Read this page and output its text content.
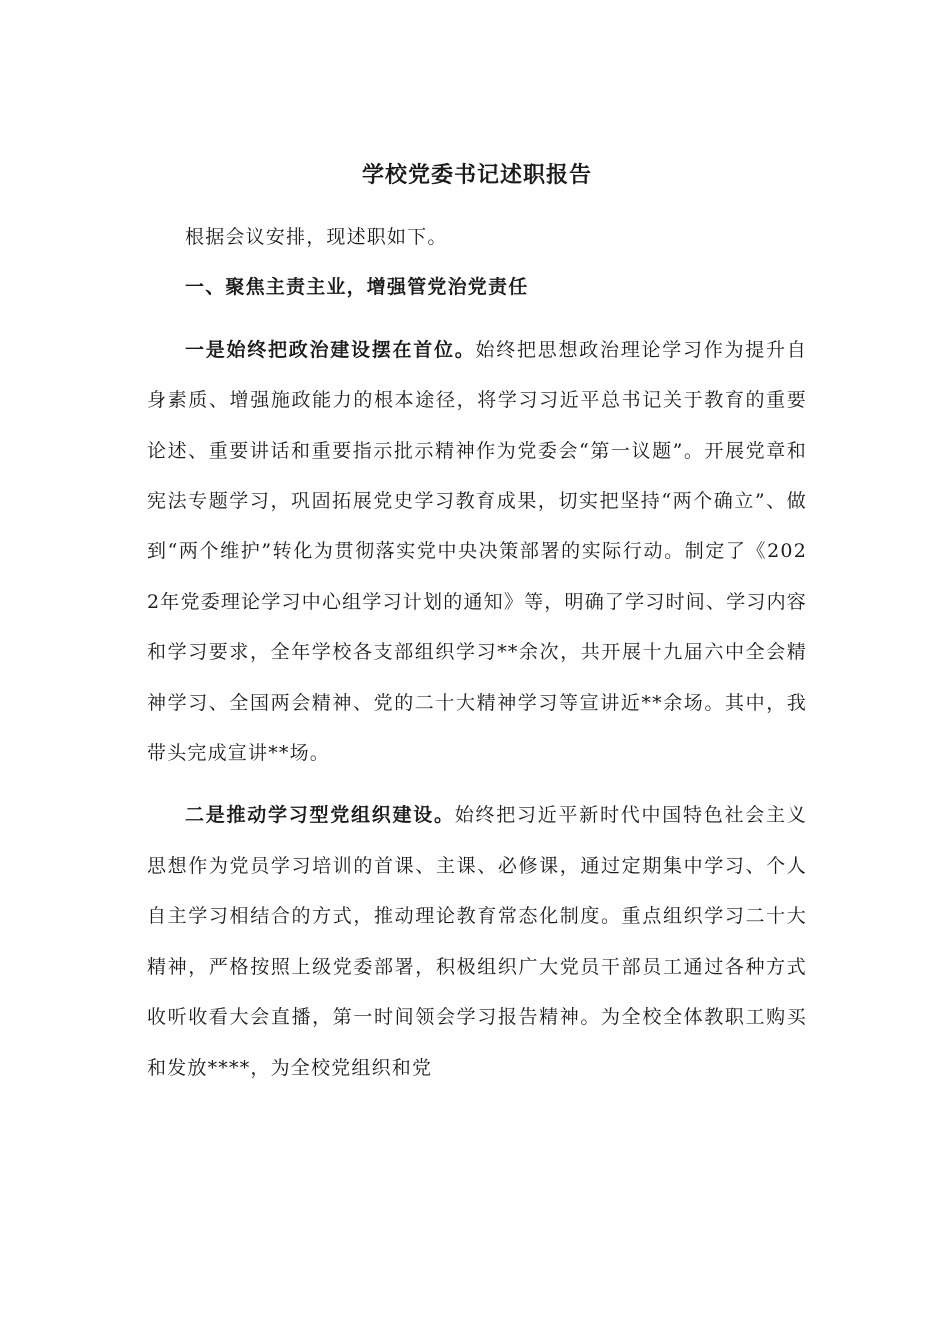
学校党委书记述职报告

根据会议安排，现述职如下。

一、聚焦主责主业，增强管党治党责任

一是始终把政治建设摆在首位。始终把思想政治理论学习作为提升自身素质、增强施政能力的根本途径，将学习习近平总书记关于教育的重要论述、重要讲话和重要指示批示精神作为党委会“第一议题”。开展党章和宪法专题学习，巩固拓展党史学习教育成果，切实把坚持“两个确立”、做到“两个维护”转化为贯彻落实党中央决策部署的实际行动。制定了《2022年党委理论学习中心组学习计划的通知》等，明确了学习时间、学习内容和学习要求，全年学校各支部组织学习**余次，共开展十九届六中全会精神学习、全国两会精神、党的二十大精神学习等宣讲近**余场。其中，我带头完成宣讲**场。

二是推动学习型党组织建设。始终把习近平新时代中国特色社会主义思想作为党员学习培训的首课、主课、必修课，通过定期集中学习、个人自主学习相结合的方式，推动理论教育常态化制度。重点组织学习二十大精神，严格按照上级党委部署，积极组织广大党员干部员工通过各种方式收听收看大会直播，第一时间领会学习报告精神。为全校全体教职工购买和发放****，为全校党组织和党
